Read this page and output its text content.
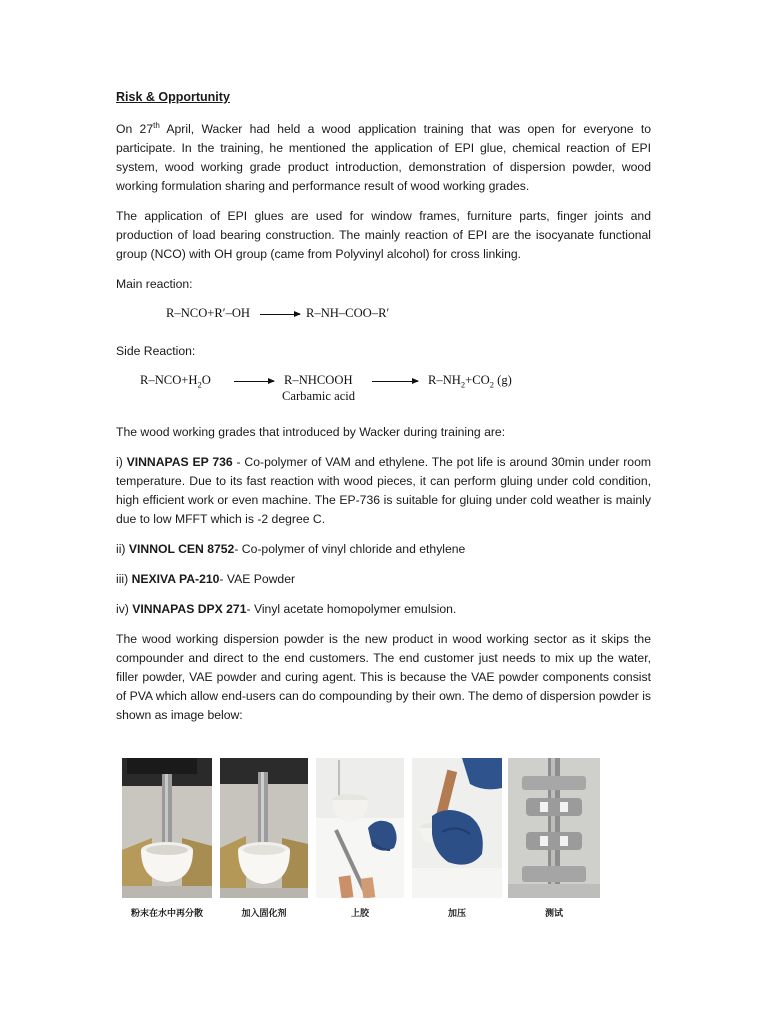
Risk & Opportunity

On 27th April, Wacker had held a wood application training that was open for everyone to participate. In the training, he mentioned the application of EPI glue, chemical reaction of EPI system, wood working grade product introduction, demonstration of dispersion powder, wood working formulation sharing and performance result of wood working grades.

The application of EPI glues are used for window frames, furniture parts, finger joints and production of load bearing construction. The mainly reaction of EPI are the isocyanate functional group (NCO) with OH group (came from Polyvinyl alcohol) for cross linking.

Main reaction:

R–NCO+R′–OH → R–NH–COO–R′

Side Reaction:

$R-NCO+H_2O$ → R–NHCOOH
Carbamic acid
→ $R-NH_2+CO_2$ (g)

The wood working grades that introduced by Wacker during training are:

i) VINNAPAS EP 736 - Co-polymer of VAM and ethylene. The pot life is around 30min under room temperature. Due to its fast reaction with wood pieces, it can perform gluing under cold condition, high efficient work or even machine. The EP-736 is suitable for gluing under cold weather is mainly due to low MFFT which is -2 degree C.

ii) VINNOL CEN 8752- Co-polymer of vinyl chloride and ethylene

iii) NEXIVA PA-210- VAE Powder

iv) VINNAPAS DPX 271- Vinyl acetate homopolymer emulsion.

The wood working dispersion powder is the new product in wood working sector as it skips the compounder and direct to the end customers. The end customer just needs to mix up the water, filler powder, VAE powder and curing agent. This is because the VAE powder components consist of PVA which allow end-users can do compounding by their own. The demo of dispersion powder is shown as image below:

粉末在水中再分散	加入固化剂	上胶	加压	测试
